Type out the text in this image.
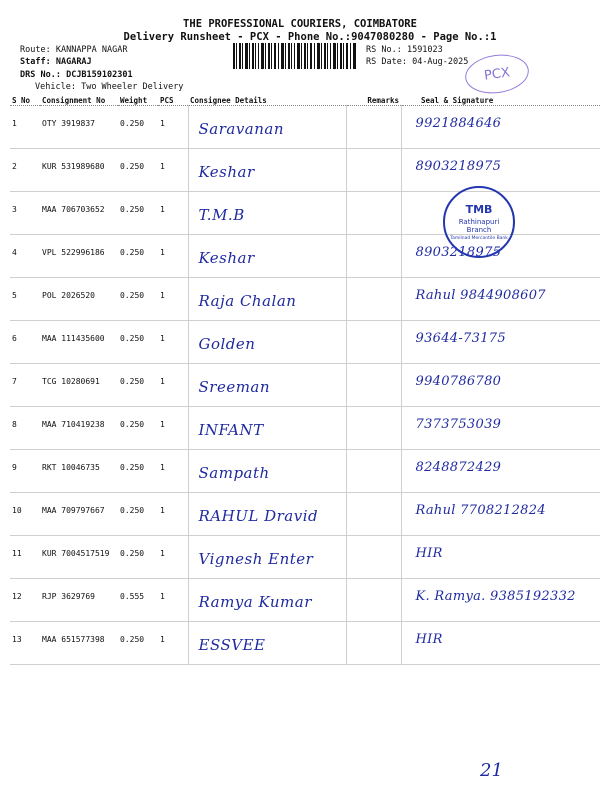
THE PROFESSIONAL COURIERS, COIMBATORE
Delivery Runsheet - PCX - Phone No.:9047080280 - Page No.:1
Route: KANNAPPA NAGAR
Staff: NAGARAJ
DRS No.: DCJB159102301
Vehicle: Two Wheeler Delivery
RS No.: 1591023
RS Date: 04-Aug-2025
PCX
S No	Consignment No	Weight	PCS	Consignee Details	Remarks	Seal & Signature
1	OTY 3919837	0.250	1	Saravanan		9921884646

2	KUR 531989680	0.250	1	Keshar		8903218975

3	MAA 706703652	0.250	1	T.M.B		

4	VPL 522996186	0.250	1	Keshar		8903218975

5	POL 2026520	0.250	1	Raja Chalan		Rahul 9844908607

6	MAA 111435600	0.250	1	Golden		93644-73175

7	TCG 10280691	0.250	1	Sreeman		9940786780

8	MAA 710419238	0.250	1	INFANT		7373753039

9	RKT 10046735	0.250	1	Sampath		8248872429

10	MAA 709797667	0.250	1	RAHUL Dravid		Rahul 7708212824

11	KUR 7004517519	0.250	1	Vignesh Enter		HIR

12	RJP 3629769	0.555	1	Ramya Kumar		K. Ramya. 9385192332

13	MAA 651577398	0.250	1	ESSVEE		HIR
TMB
Rathinapuri
Branch
Tamilnad Mercantile Bank
21
